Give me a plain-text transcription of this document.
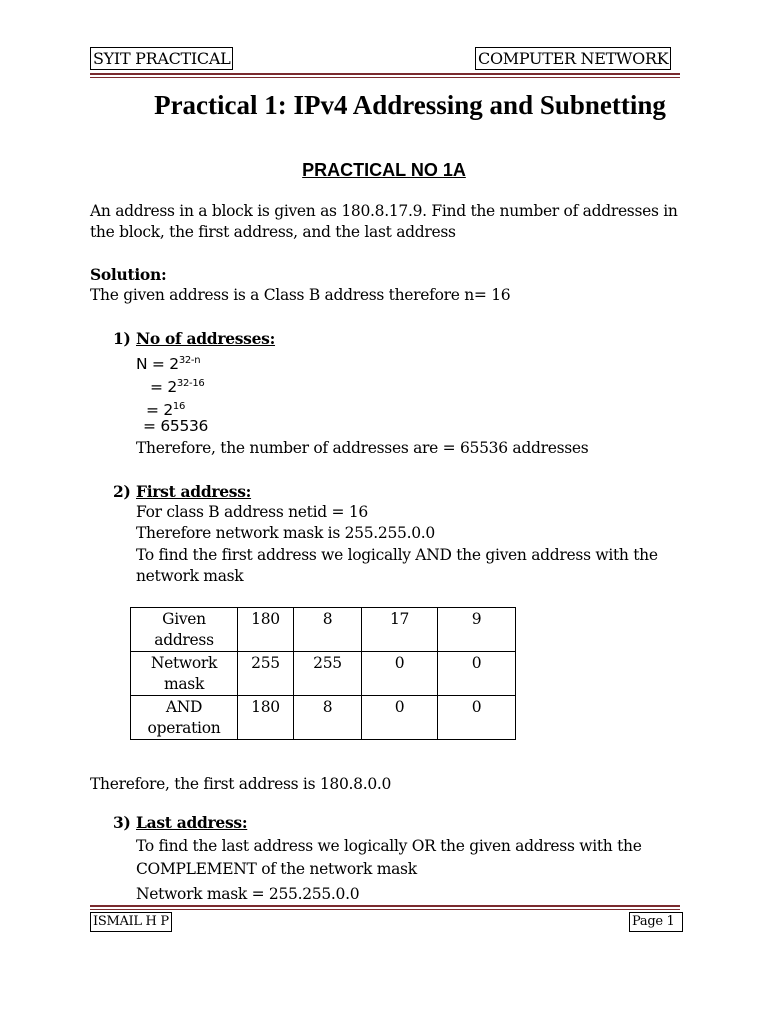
SYIT PRACTICAL	COMPUTER NETWORK
Practical 1: IPv4 Addressing and Subnetting
PRACTICAL NO 1A
An address in a block is given as 180.8.17.9. Find the number of addresses in
the block, the first address, and the last address
Solution:
The given address is a Class B address therefore n= 16
1) No of addresses:
$N = 2^{32-n}$
= $2^{32-16}$
= $2^{16}$
= 65536
Therefore, the number of addresses are = 65536 addresses
2) First address:
For class B address netid = 16
Therefore network mask is 255.255.0.0
To find the first address we logically AND the given address with the
network mask
Given
address	180	8	17	9
Network
mask	255	255	0	0
AND
operation	180	8	0	0
Therefore, the first address is 180.8.0.0
3) Last address:
To find the last address we logically OR the given address with the
COMPLEMENT of the network mask
Network mask = 255.255.0.0
ISMAIL H P	Page 1
